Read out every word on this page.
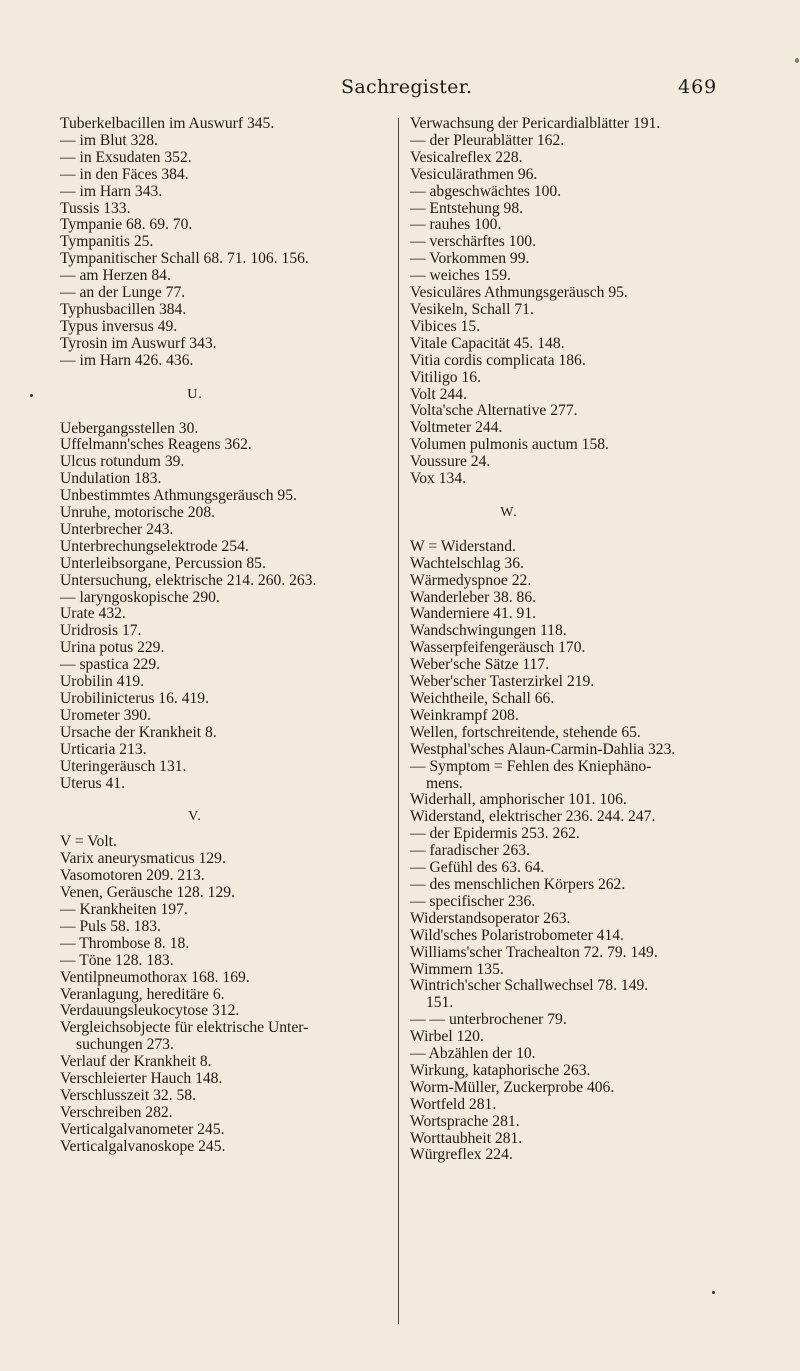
Sachregister.	469
Tuberkelbacillen im Auswurf 345.
— im Blut 328.
— in Exsudaten 352.
— in den Fäces 384.
— im Harn 343.
Tussis 133.
Tympanie 68. 69. 70.
Tympanitis 25.
Tympanitischer Schall 68. 71. 106. 156.
— am Herzen 84.
— an der Lunge 77.
Typhusbacillen 384.
Typus inversus 49.
Tyrosin im Auswurf 343.
— im Harn 426. 436.
U.
Uebergangsstellen 30.
Uffelmann'sches Reagens 362.
Ulcus rotundum 39.
Undulation 183.
Unbestimmtes Athmungsgeräusch 95.
Unruhe, motorische 208.
Unterbrecher 243.
Unterbrechungselektrode 254.
Unterleibsorgane, Percussion 85.
Untersuchung, elektrische 214. 260. 263.
— laryngoskopische 290.
Urate 432.
Uridrosis 17.
Urina potus 229.
— spastica 229.
Urobilin 419.
Urobilinicterus 16. 419.
Urometer 390.
Ursache der Krankheit 8.
Urticaria 213.
Uteringeräusch 131.
Uterus 41.
V.
V = Volt.
Varix aneurysmaticus 129.
Vasomotoren 209. 213.
Venen, Geräusche 128. 129.
— Krankheiten 197.
— Puls 58. 183.
— Thrombose 8. 18.
— Töne 128. 183.
Ventilpneumothorax 168. 169.
Veranlagung, hereditäre 6.
Verdauungsleukocytose 312.
Vergleichsobjecte für elektrische Unter-
suchungen 273.
Verlauf der Krankheit 8.
Verschleierter Hauch 148.
Verschlusszeit 32. 58.
Verschreiben 282.
Verticalgalvanometer 245.
Verticalgalvanoskope 245.
Verwachsung der Pericardialblätter 191.
— der Pleurablätter 162.
Vesicalreflex 228.
Vesiculärathmen 96.
— abgeschwächtes 100.
— Entstehung 98.
— rauhes 100.
— verschärftes 100.
— Vorkommen 99.
— weiches 159.
Vesiculäres Athmungsgeräusch 95.
Vesikeln, Schall 71.
Vibices 15.
Vitale Capacität 45. 148.
Vitia cordis complicata 186.
Vitiligo 16.
Volt 244.
Volta'sche Alternative 277.
Voltmeter 244.
Volumen pulmonis auctum 158.
Voussure 24.
Vox 134.
W.
W = Widerstand.
Wachtelschlag 36.
Wärmedyspnoe 22.
Wanderleber 38. 86.
Wanderniere 41. 91.
Wandschwingungen 118.
Wasserpfeifengeräusch 170.
Weber'sche Sätze 117.
Weber'scher Tasterzirkel 219.
Weichtheile, Schall 66.
Weinkrampf 208.
Wellen, fortschreitende, stehende 65.
Westphal'sches Alaun-Carmin-Dahlia 323.
— Symptom = Fehlen des Kniephäno-
mens.
Widerhall, amphorischer 101. 106.
Widerstand, elektrischer 236. 244. 247.
— der Epidermis 253. 262.
— faradischer 263.
— Gefühl des 63. 64.
— des menschlichen Körpers 262.
— specifischer 236.
Widerstandsoperator 263.
Wild'sches Polaristrobometer 414.
Williams'scher Trachealton 72. 79. 149.
Wimmern 135.
Wintrich'scher Schallwechsel 78. 149.
151.
— — unterbrochener 79.
Wirbel 120.
— Abzählen der 10.
Wirkung, kataphorische 263.
Worm-Müller, Zuckerprobe 406.
Wortfeld 281.
Wortsprache 281.
Worttaubheit 281.
Würgreflex 224.
